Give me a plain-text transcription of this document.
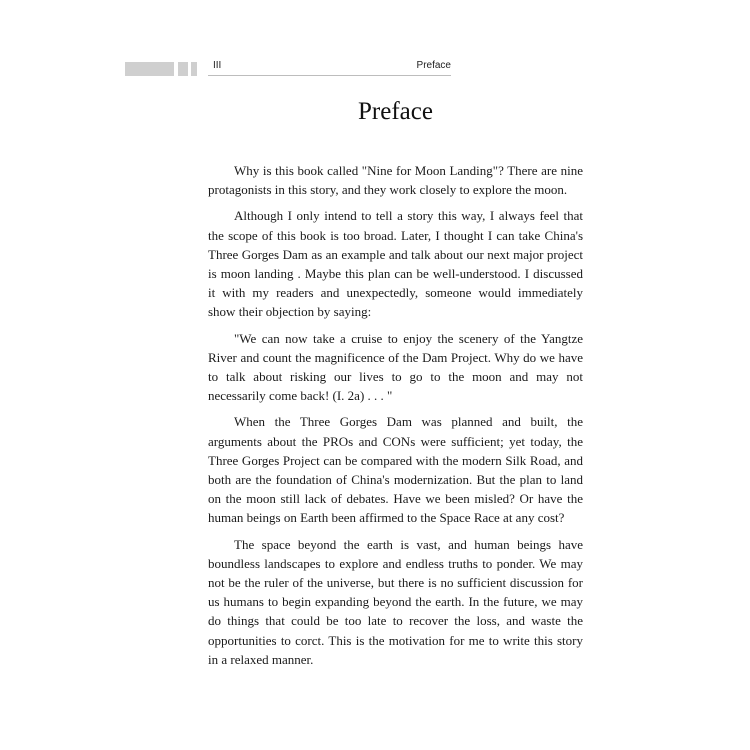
III	Preface
Preface

Why is this book called "Nine for Moon Landing"? There are nine protagonists in this story, and they work closely to explore the moon.

Although I only intend to tell a story this way, I always feel that the scope of this book is too broad. Later, I thought I can take China's Three Gorges Dam as an example and talk about our next major project is moon landing . Maybe this plan can be well-understood. I discussed it with my readers and unexpectedly, someone would immediately show their objection by saying:

"We can now take a cruise to enjoy the scenery of the Yangtze River and count the magnificence of the Dam Project. Why do we have to talk about risking our lives to go to the moon and may not necessarily come back! (I. 2a) . . . "

When the Three Gorges Dam was planned and built, the arguments about the PROs and CONs were sufficient; yet today, the Three Gorges Project can be compared with the modern Silk Road, and both are the foundation of China's modernization. But the plan to land on the moon still lack of debates. Have we been misled? Or have the human beings on Earth been affirmed to the Space Race at any cost?

The space beyond the earth is vast, and human beings have boundless landscapes to explore and endless truths to ponder. We may not be the ruler of the universe, but there is no sufficient discussion for us humans to begin expanding beyond the earth. In the future, we may do things that could be too late to recover the loss, and waste the opportunities to corct. This is the motivation for me to write this story in a relaxed manner.
